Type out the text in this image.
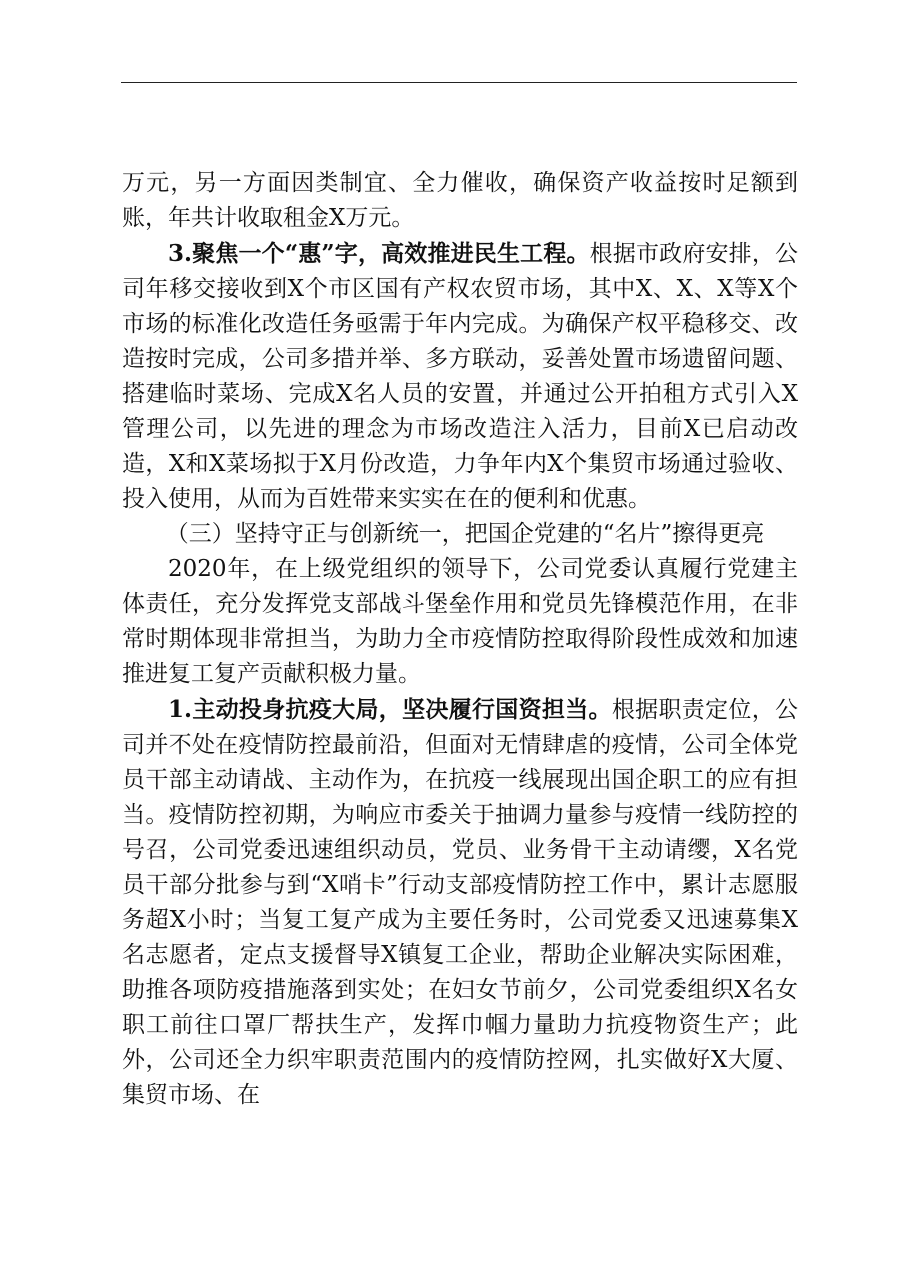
万元，另一方面因类制宜、全力催收，确保资产收益按时足额到账，年共计收取租金X万元。

3.聚焦一个“惠”字，高效推进民生工程。根据市政府安排，公司年移交接收到X个市区国有产权农贸市场，其中X、X、X等X个市场的标准化改造任务亟需于年内完成。为确保产权平稳移交、改造按时完成，公司多措并举、多方联动，妥善处置市场遗留问题、搭建临时菜场、完成X名人员的安置，并通过公开拍租方式引入X管理公司，以先进的理念为市场改造注入活力，目前X已启动改造，X和X菜场拟于X月份改造，力争年内X个集贸市场通过验收、投入使用，从而为百姓带来实实在在的便利和优惠。

（三）坚持守正与创新统一，把国企党建的“名片”擦得更亮

2020年，在上级党组织的领导下，公司党委认真履行党建主体责任，充分发挥党支部战斗堡垒作用和党员先锋模范作用，在非常时期体现非常担当，为助力全市疫情防控取得阶段性成效和加速推进复工复产贡献积极力量。

1.主动投身抗疫大局，坚决履行国资担当。根据职责定位，公司并不处在疫情防控最前沿，但面对无情肆虐的疫情，公司全体党员干部主动请战、主动作为，在抗疫一线展现出国企职工的应有担当。疫情防控初期，为响应市委关于抽调力量参与疫情一线防控的号召，公司党委迅速组织动员，党员、业务骨干主动请缨，X名党员干部分批参与到“X哨卡”行动支部疫情防控工作中，累计志愿服务超X小时；当复工复产成为主要任务时，公司党委又迅速募集X名志愿者，定点支援督导X镇复工企业，帮助企业解决实际困难，助推各项防疫措施落到实处；在妇女节前夕，公司党委组织X名女职工前往口罩厂帮扶生产，发挥巾帼力量助力抗疫物资生产；此外，公司还全力织牢职责范围内的疫情防控网，扎实做好X大厦、集贸市场、在
